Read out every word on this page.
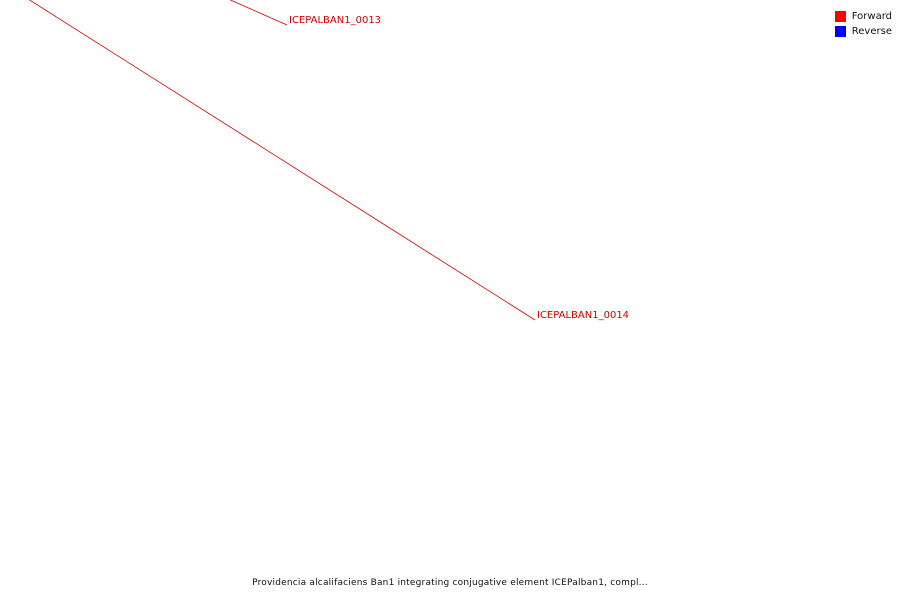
ICEPALBAN1_0013
ICEPALBAN1_0014
Forward
Reverse
Providencia alcalifaciens Ban1 integrating conjugative element ICEPalban1, compl...
